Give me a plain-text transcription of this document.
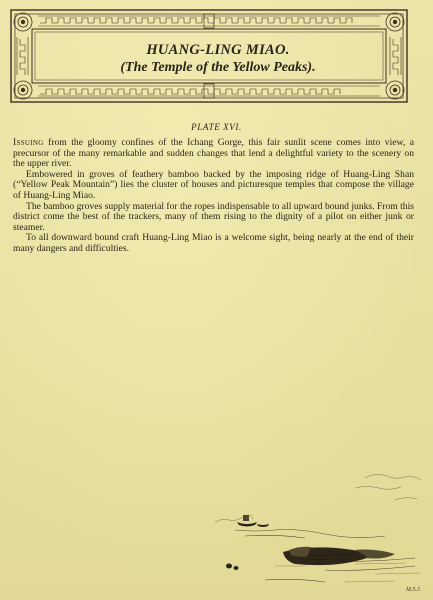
HUANG-LING MIAO.

(The Temple of the Yellow Peaks).

PLATE XVI.

Issuing from the gloomy confines of the Ichang Gorge, this fair sunlit scene comes into view, a precursor of the many remarkable and sudden changes that lend a delightful variety to the scenery on the upper river.

Embowered in groves of feathery bamboo backed by the imposing ridge of Huang-Ling Shan (“Yellow Peak Mountain”) lies the cluster of houses and picturesque temples that compose the village of Huang-Ling Miao.

The bamboo groves supply material for the ropes indispensable to all upward bound junks. From this district come the best of the trackers, many of them rising to the dignity of a pilot on either junk or steamer.

To all downward bound craft Huang-Ling Miao is a welcome sight, being nearly at the end of their many dangers and difficulties.

M.S.J.
